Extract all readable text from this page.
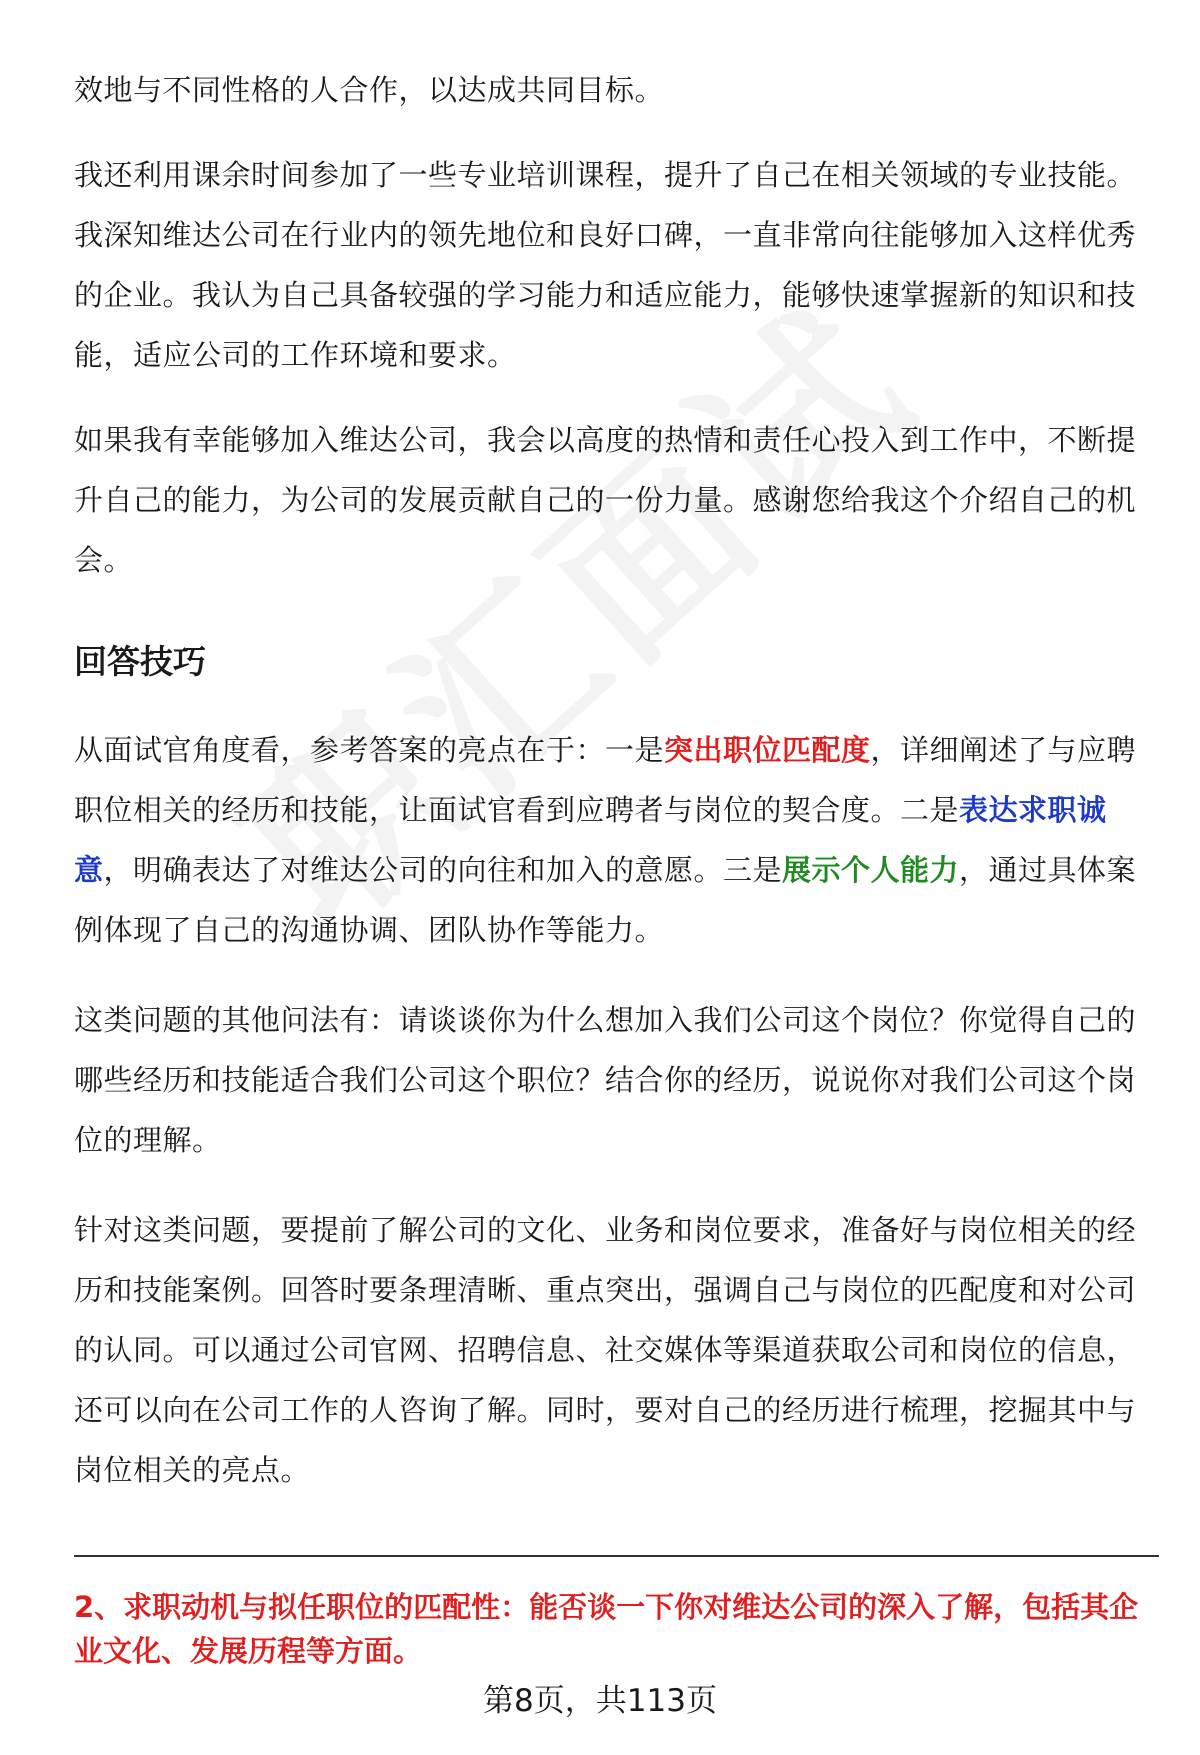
效地与不同性格的人合作，以达成共同目标。

我还利用课余时间参加了一些专业培训课程，提升了自己在相关领域的专业技能。我深知维达公司在行业内的领先地位和良好口碑，一直非常向往能够加入这样优秀的企业。我认为自己具备较强的学习能力和适应能力，能够快速掌握新的知识和技能，适应公司的工作环境和要求。

如果我有幸能够加入维达公司，我会以高度的热情和责任心投入到工作中，不断提升自己的能力，为公司的发展贡献自己的一份力量。感谢您给我这个介绍自己的机会。

回答技巧

从面试官角度看，参考答案的亮点在于：一是突出职位匹配度，详细阐述了与应聘职位相关的经历和技能，让面试官看到应聘者与岗位的契合度。二是表达求职诚意，明确表达了对维达公司的向往和加入的意愿。三是展示个人能力，通过具体案例体现了自己的沟通协调、团队协作等能力。

这类问题的其他问法有：请谈谈你为什么想加入我们公司这个岗位？你觉得自己的哪些经历和技能适合我们公司这个职位？结合你的经历，说说你对我们公司这个岗位的理解。

针对这类问题，要提前了解公司的文化、业务和岗位要求，准备好与岗位相关的经历和技能案例。回答时要条理清晰、重点突出，强调自己与岗位的匹配度和对公司的认同。可以通过公司官网、招聘信息、社交媒体等渠道获取公司和岗位的信息，还可以向在公司工作的人咨询了解。同时，要对自己的经历进行梳理，挖掘其中与岗位相关的亮点。

2、求职动机与拟任职位的匹配性：能否谈一下你对维达公司的深入了解，包括其企业文化、发展历程等方面。

第8页，共113页
